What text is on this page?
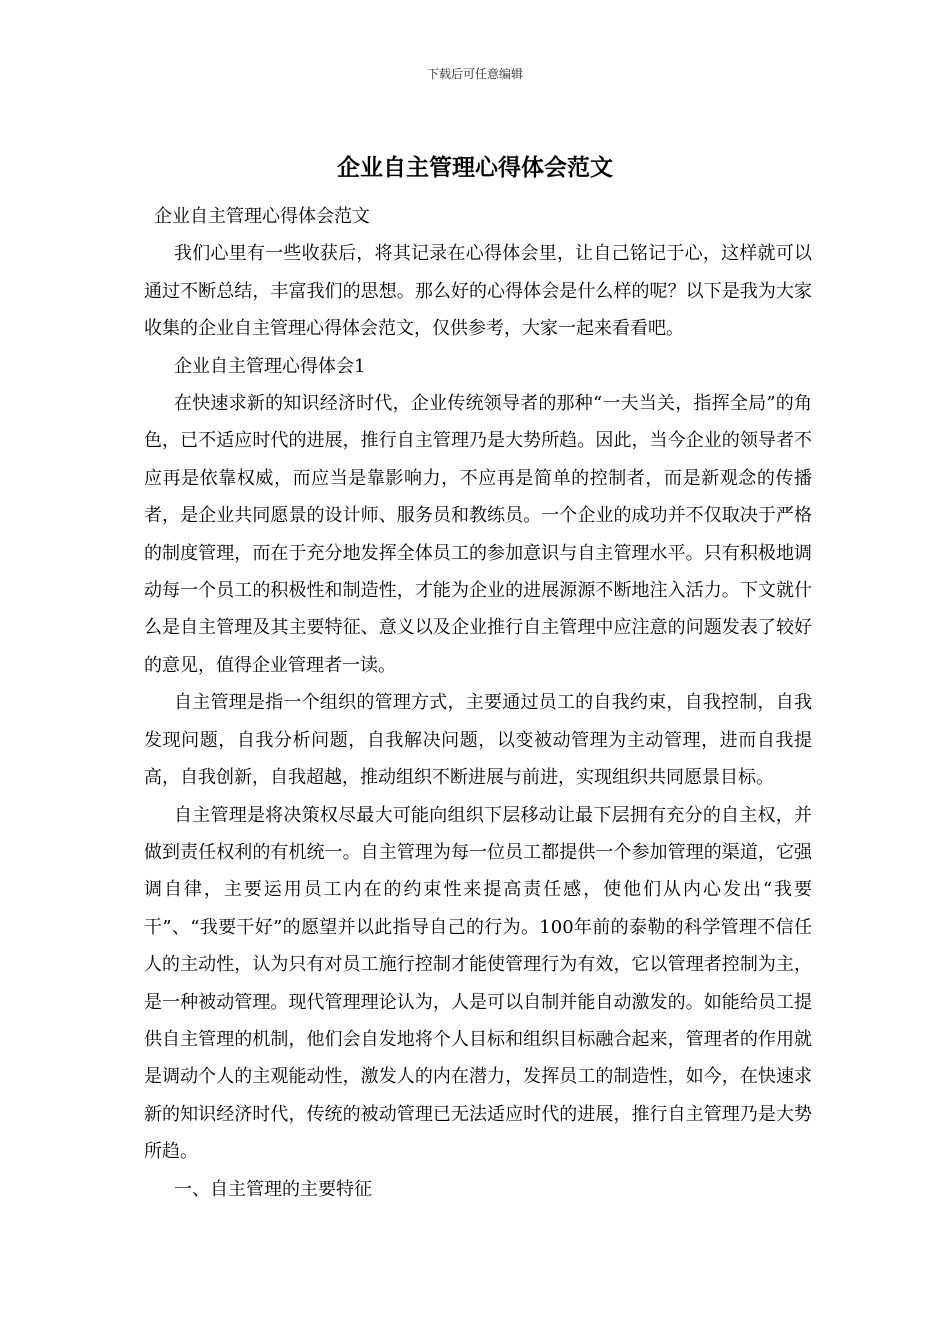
下载后可任意编辑
企业自主管理心得体会范文

企业自主管理心得体会范文

我们心里有一些收获后，将其记录在心得体会里，让自己铭记于心，这样就可以通过不断总结，丰富我们的思想。那么好的心得体会是什么样的呢？以下是我为大家收集的企业自主管理心得体会范文，仅供参考，大家一起来看看吧。

企业自主管理心得体会1

在快速求新的知识经济时代，企业传统领导者的那种“一夫当关，指挥全局”的角色，已不适应时代的进展，推行自主管理乃是大势所趋。因此，当今企业的领导者不应再是依靠权威，而应当是靠影响力，不应再是简单的控制者，而是新观念的传播者，是企业共同愿景的设计师、服务员和教练员。一个企业的成功并不仅取决于严格的制度管理，而在于充分地发挥全体员工的参加意识与自主管理水平。只有积极地调动每一个员工的积极性和制造性，才能为企业的进展源源不断地注入活力。下文就什么是自主管理及其主要特征、意义以及企业推行自主管理中应注意的问题发表了较好的意见，值得企业管理者一读。

自主管理是指一个组织的管理方式，主要通过员工的自我约束，自我控制，自我发现问题，自我分析问题，自我解决问题，以变被动管理为主动管理，进而自我提高，自我创新，自我超越，推动组织不断进展与前进，实现组织共同愿景目标。

自主管理是将决策权尽最大可能向组织下层移动让最下层拥有充分的自主权，并做到责任权利的有机统一。自主管理为每一位员工都提供一个参加管理的渠道，它强调自律，主要运用员工内在的约束性来提高责任感，使他们从内心发出“我要干”、“我要干好”的愿望并以此指导自己的行为。100年前的泰勒的科学管理不信任人的主动性，认为只有对员工施行控制才能使管理行为有效，它以管理者控制为主，是一种被动管理。现代管理理论认为，人是可以自制并能自动激发的。如能给员工提供自主管理的机制，他们会自发地将个人目标和组织目标融合起来，管理者的作用就是调动个人的主观能动性，激发人的内在潜力，发挥员工的制造性，如今，在快速求新的知识经济时代，传统的被动管理已无法适应时代的进展，推行自主管理乃是大势所趋。

一、自主管理的主要特征
